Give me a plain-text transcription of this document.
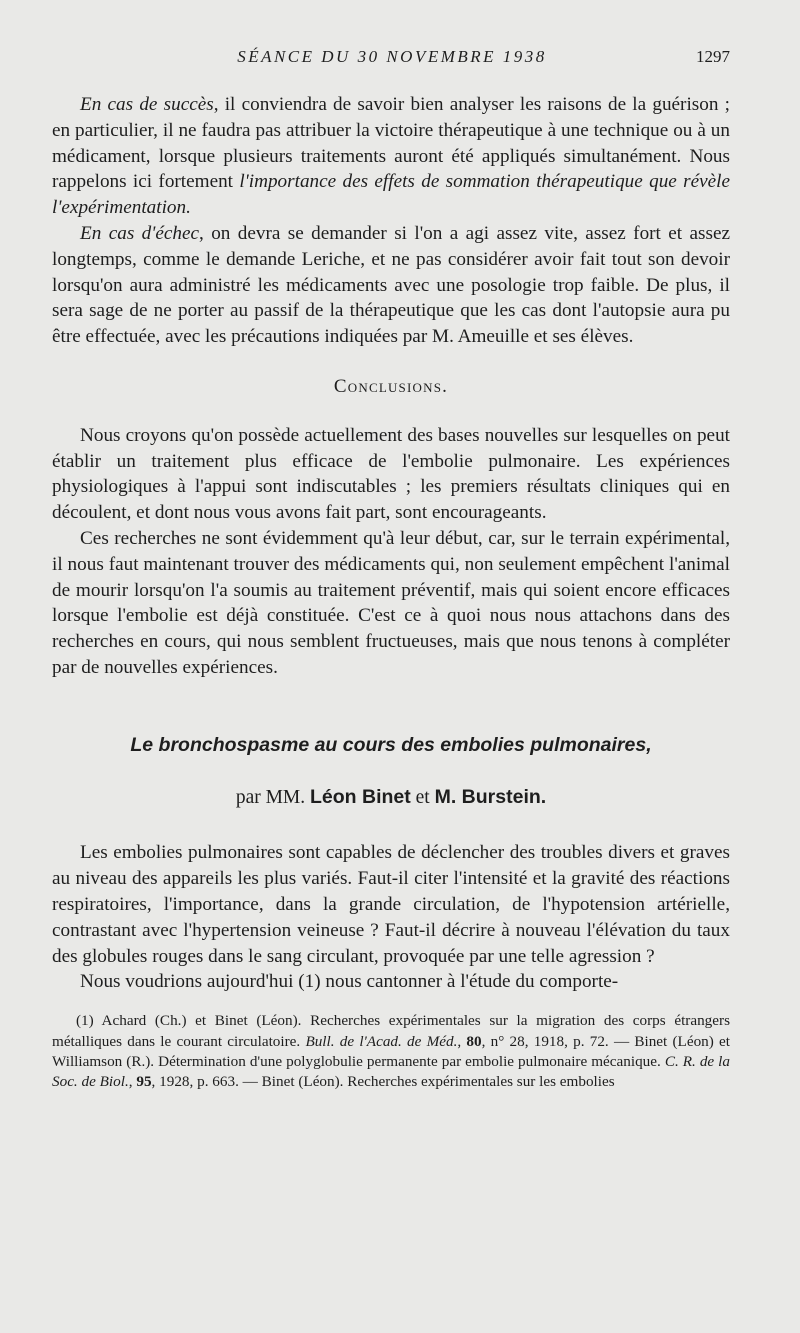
SÉANCE DU 30 NOVEMBRE 1938	1297

En cas de succès, il conviendra de savoir bien analyser les raisons de la guérison ; en particulier, il ne faudra pas attribuer la victoire thérapeutique à une technique ou à un médicament, lorsque plusieurs traitements auront été appliqués simultanément. Nous rappelons ici fortement l'importance des effets de sommation thérapeutique que révèle l'expérimentation.

En cas d'échec, on devra se demander si l'on a agi assez vite, assez fort et assez longtemps, comme le demande Leriche, et ne pas considérer avoir fait tout son devoir lorsqu'on aura administré les médicaments avec une posologie trop faible. De plus, il sera sage de ne porter au passif de la thérapeutique que les cas dont l'autopsie aura pu être effectuée, avec les précautions indiquées par M. Ameuille et ses élèves.

Conclusions.

Nous croyons qu'on possède actuellement des bases nouvelles sur lesquelles on peut établir un traitement plus efficace de l'embolie pulmonaire. Les expériences physiologiques à l'appui sont indiscutables ; les premiers résultats cliniques qui en découlent, et dont nous vous avons fait part, sont encourageants.

Ces recherches ne sont évidemment qu'à leur début, car, sur le terrain expérimental, il nous faut maintenant trouver des médicaments qui, non seulement empêchent l'animal de mourir lorsqu'on l'a soumis au traitement préventif, mais qui soient encore efficaces lorsque l'embolie est déjà constituée. C'est ce à quoi nous nous attachons dans des recherches en cours, qui nous semblent fructueuses, mais que nous tenons à compléter par de nouvelles expériences.

Le bronchospasme au cours des embolies pulmonaires,
par MM. Léon Binet et M. Burstein.

Les embolies pulmonaires sont capables de déclencher des troubles divers et graves au niveau des appareils les plus variés. Faut-il citer l'intensité et la gravité des réactions respiratoires, l'importance, dans la grande circulation, de l'hypotension artérielle, contrastant avec l'hypertension veineuse ? Faut-il décrire à nouveau l'élévation du taux des globules rouges dans le sang circulant, provoquée par une telle agression ?

Nous voudrions aujourd'hui (1) nous cantonner à l'étude du comporte-

(1) Achard (Ch.) et Binet (Léon). Recherches expérimentales sur la migration des corps étrangers métalliques dans le courant circulatoire. Bull. de l'Acad. de Méd., 80, n° 28, 1918, p. 72. — Binet (Léon) et Williamson (R.). Détermination d'une polyglobulie permanente par embolie pulmonaire mécanique. C. R. de la Soc. de Biol., 95, 1928, p. 663. — Binet (Léon). Recherches expérimentales sur les embolies
